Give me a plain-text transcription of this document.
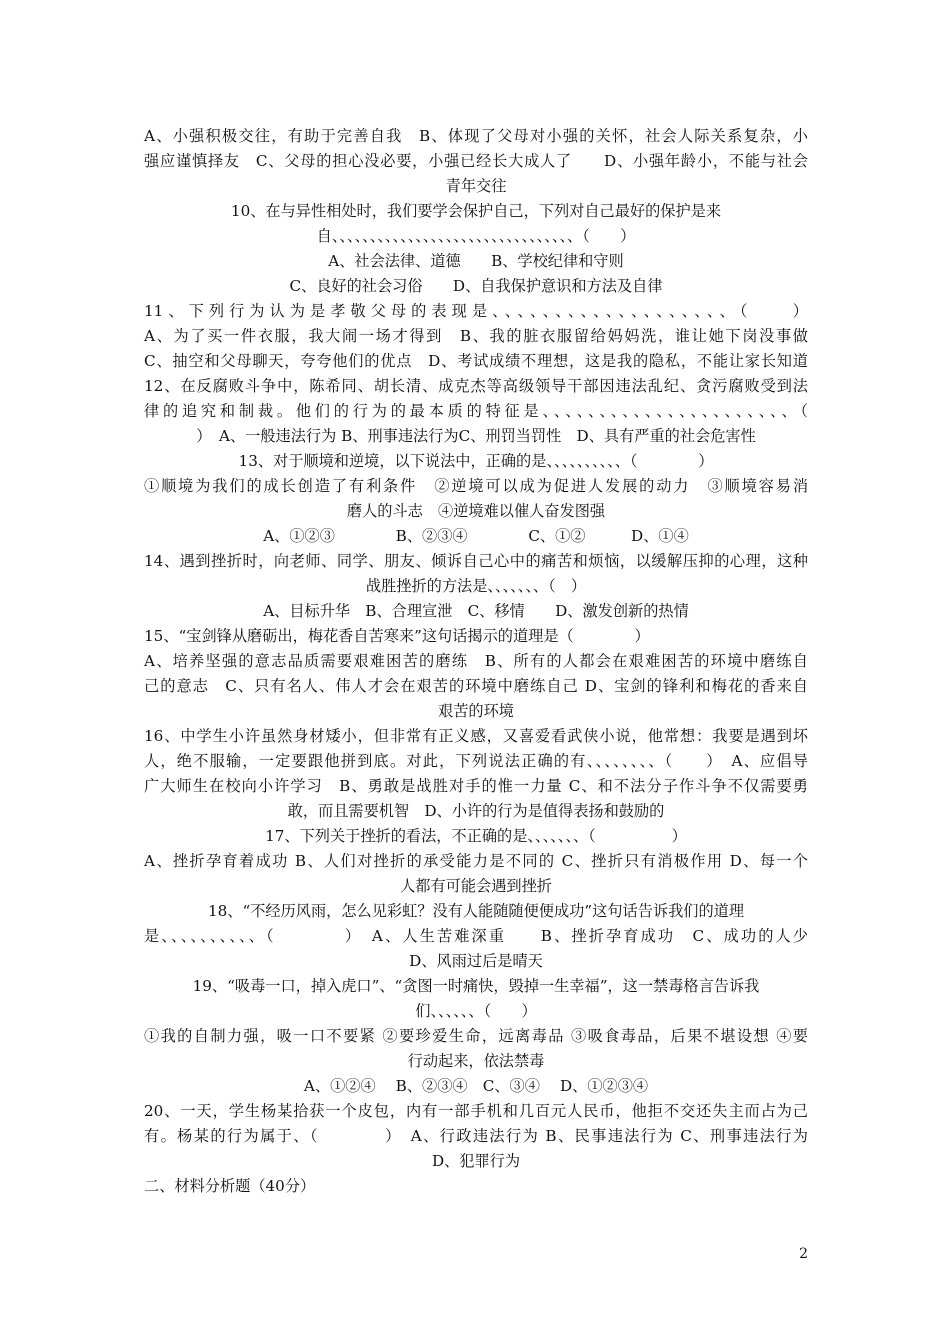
A、小强积极交往，有助于完善自我　B、体现了父母对小强的关怀，社会人际关系复杂，小
强应谨慎择友　C、父母的担心没必要，小强已经长大成人了　　D、小强年龄小，不能与社会
青年交往
10、在与异性相处时，我们要学会保护自己，下列对自己最好的保护是来
自、、、、、、、、、、、、、、、、、、、、、、、、、、、、、、、、（　　）
A、社会法律、道德　　B、学校纪律和守则
C、良好的社会习俗　　D、自我保护意识和方法及自律
11、下列行为认为是孝敬父母的表现是、、、、、、、、、、、、、、、、、、、（　　）
A、为了买一件衣服，我大闹一场才得到　B、我的脏衣服留给妈妈洗，谁让她下岗没事做
C、抽空和父母聊天，夸夸他们的优点　D、考试成绩不理想，这是我的隐私，不能让家长知道
12、在反腐败斗争中，陈希同、胡长清、成克杰等高级领导干部因违法乱纪、贪污腐败受到法
律的追究和制裁。他们的行为的最本质的特征是、、、、、、、、、、、、、、、、、、、、、、（
）　A、一般违法行为 B、刑事违法行为C、刑罚当罚性　D、具有严重的社会危害性
13、对于顺境和逆境，以下说法中，正确的是、、、、、、、、、、（　　　　）
①顺境为我们的成长创造了有利条件　②逆境可以成为促进人发展的动力　③顺境容易消
磨人的斗志　④逆境难以催人奋发图强
A、①②③　　　　B、②③④　　　　C、①②　　　D、①④
14、遇到挫折时，向老师、同学、朋友、倾诉自己心中的痛苦和烦恼，以缓解压抑的心理，这种
战胜挫折的方法是、、、、、、、（　）
A、目标升华　B、合理宣泄　C、移情　　D、激发创新的热情
15、“宝剑锋从磨砺出，梅花香自苦寒来”这句话揭示的道理是（　　　　）
A、培养坚强的意志品质需要艰难困苦的磨练　B、所有的人都会在艰难困苦的环境中磨练自
己的意志　C、只有名人、伟人才会在艰苦的环境中磨练自己 D、宝剑的锋利和梅花的香来自
艰苦的环境
16、中学生小许虽然身材矮小，但非常有正义感，又喜爱看武侠小说，他常想：我要是遇到坏
人，绝不服输，一定要跟他拼到底。对此，下列说法正确的有、、、、、、、、（　　）　A、应倡导
广大师生在校向小许学习　B、勇敢是战胜对手的惟一力量 C、和不法分子作斗争不仅需要勇
敢，而且需要机智　D、小许的行为是值得表扬和鼓励的
17、下列关于挫折的看法，不正确的是、、、、、、、（　　　　　）
A、挫折孕育着成功 B、人们对挫折的承受能力是不同的 C、挫折只有消极作用 D、每一个
人都有可能会遇到挫折
18、“不经历风雨，怎么见彩虹？没有人能随随便便成功”这句话告诉我们的道理
是、、、、、、、、、、（　　　　）　A、人生苦难深重　　B、挫折孕育成功　C、成功的人少
D、风雨过后是晴天
19、“吸毒一口，掉入虎口”、“贪图一时痛快，毁掉一生幸福”，这一禁毒格言告诉我
们、、、、、、（　　）
①我的自制力强，吸一口不要紧 ②要珍爱生命，远离毒品 ③吸食毒品，后果不堪设想 ④要
行动起来，依法禁毒
A、①②④　 B、②③④　C、③④　 D、①②③④
20、一天，学生杨某拾获一个皮包，内有一部手机和几百元人民币，他拒不交还失主而占为己
有。杨某的行为属于、（　　　　）　A、行政违法行为 B、民事违法行为 C、刑事违法行为
D、犯罪行为
二、材料分析题（40分）
2
